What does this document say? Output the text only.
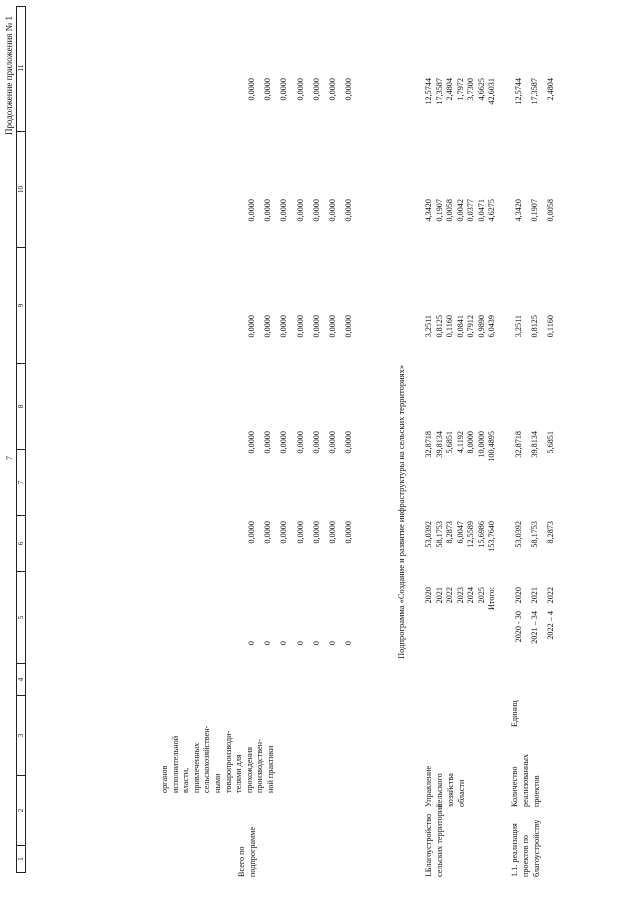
7
Продолжение приложения № 1
1
2
3
4
5
6
7
8
9
10
11
Всего по
подпрограмме
органов
исполнительной
власти,
привлеченных
сельскохозяйствен-
ными
товаропроизводи-
телями для
прохождения
производствен-
ной практики
0
0,0000
0,0000
0,0000
0,0000
0,0000
0
0,0000
0,0000
0,0000
0,0000
0,0000
0
0,0000
0,0000
0,0000
0,0000
0,0000
0
0,0000
0,0000
0,0000
0,0000
0,0000
0
0,0000
0,0000
0,0000
0,0000
0,0000
0
0,0000
0,0000
0,0000
0,0000
0,0000
0
0,0000
0,0000
0,0000
0,0000
0,0000
Подпрограмма «Создание и развитие инфраструктуры на сельских территориях»
I.Благоустройство
сельских территорий
Управление
сельского
хозяйства
области
2020
53,0392
32,8718
3,2511
4,3420
12,5744
2021
58,1753
39,8134
0,8125
0,1907
17,3587
2022
8,2873
5,6851
0,1160
0,0058
2,4804
2023
6,0047
4,1192
0,0841
0,0042
1,7972
2024
12,5589
8,0000
0,7912
0,0377
3,7300
2025
15,6986
10,0000
0,9890
0,0471
4,6625
Итого:
153,7640
100,4895
6,0439
4,6275
42,6031
1.1. реализация
проектов по
благоустройству
Количество
реализованных
проектов
Единиц
2020 - 30
2020
53,0392
32,8718
3,2511
4,3420
12,5744
2021 – 34
2021
58,1753
39,8134
0,8125
0,1907
17,3587
2022 – 4
2022
8,2873
5,6851
0,1160
0,0058
2,4804
